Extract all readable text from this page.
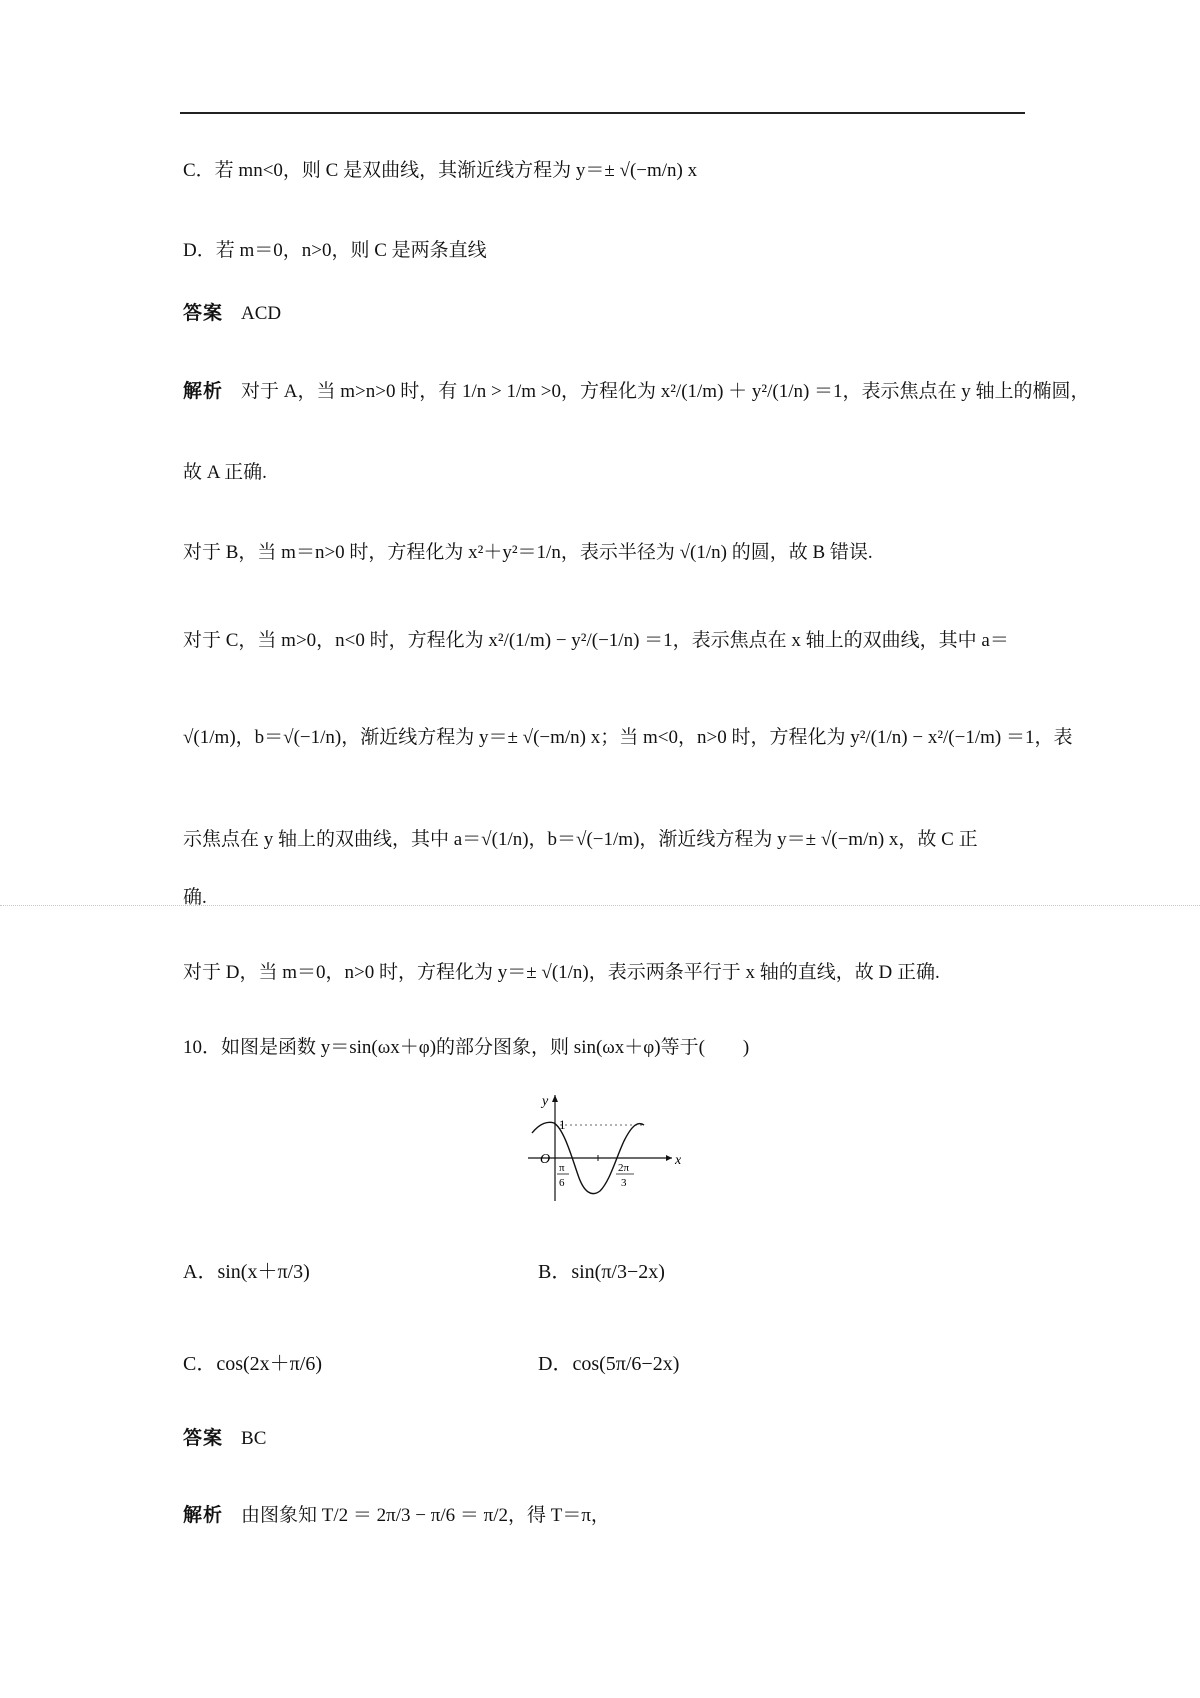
C．若 mn<0，则 C 是双曲线，其渐近线方程为 y＝± √(−m/n) x
D．若 m＝0，n>0，则 C 是两条直线
答案 ACD
解析 对于 A，当 m>n>0 时，有 1/n > 1/m >0，方程化为 x²/(1/m) ＋ y²/(1/n) ＝1，表示焦点在 y 轴上的椭圆，
故 A 正确.
对于 B，当 m＝n>0 时，方程化为 x²＋y²＝1/n，表示半径为 √(1/n) 的圆，故 B 错误.
对于 C，当 m>0，n<0 时，方程化为 x²/(1/m) − y²/(−1/n) ＝1，表示焦点在 x 轴上的双曲线，其中 a＝
√(1/m)，b＝√(−1/n)，渐近线方程为 y＝± √(−m/n) x；当 m<0，n>0 时，方程化为 y²/(1/n) − x²/(−1/m) ＝1，表
示焦点在 y 轴上的双曲线，其中 a＝√(1/n)，b＝√(−1/m)，渐近线方程为 y＝± √(−m/n) x，故 C 正
确.
对于 D，当 m＝0，n>0 时，方程化为 y＝± √(1/n)，表示两条平行于 x 轴的直线，故 D 正确.
10．如图是函数 y＝sin(ωx＋φ)的部分图象，则 sin(ωx＋φ)等于(　　)
y
x
O
1
π
6
2π
3
A．sin(x＋π/3)	B．sin(π/3−2x)
C．cos(2x＋π/6)	D．cos(5π/6−2x)
答案 BC
解析 由图象知 T/2 ＝ 2π/3 − π/6 ＝ π/2，得 T＝π，
